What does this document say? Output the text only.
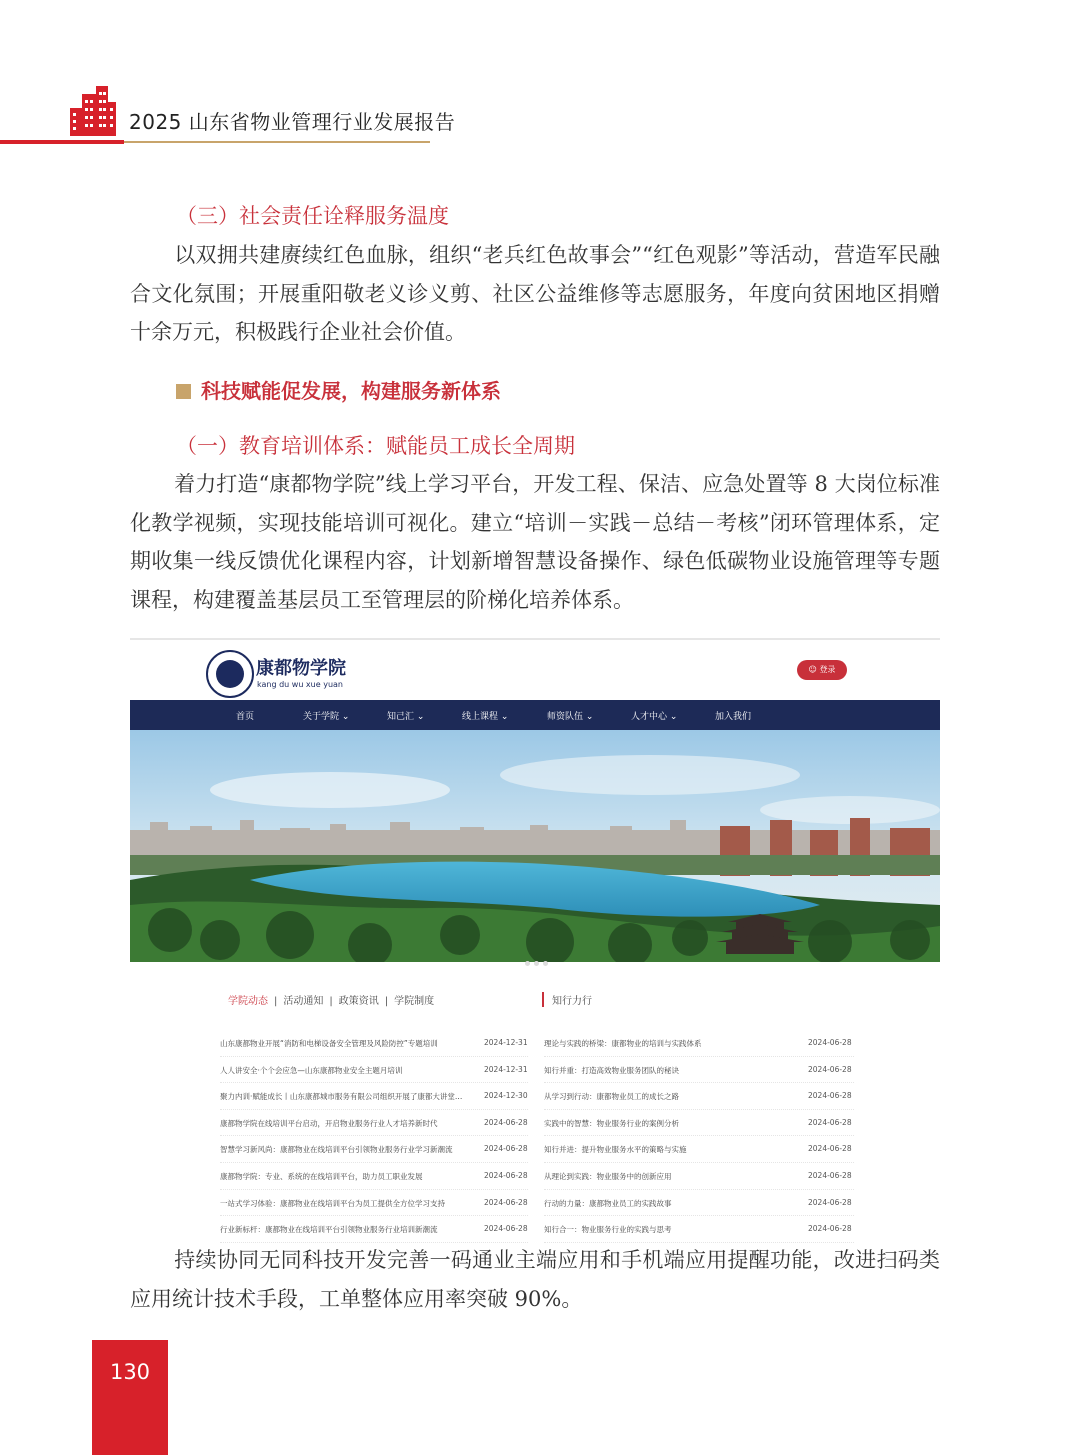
2025 山东省物业管理行业发展报告
（三）社会责任诠释服务温度
以双拥共建赓续红色血脉，组织“老兵红色故事会”“红色观影”等活动，营造军民融合文化氛围；开展重阳敬老义诊义剪、社区公益维修等志愿服务，年度向贫困地区捐赠十余万元，积极践行企业社会价值。
科技赋能促发展，构建服务新体系
（一）教育培训体系：赋能员工成长全周期
着力打造“康都物学院”线上学习平台，开发工程、保洁、应急处置等 8 大岗位标准化教学视频，实现技能培训可视化。建立“培训－实践－总结－考核”闭环管理体系，定期收集一线反馈优化课程内容，计划新增智慧设备操作、绿色低碳物业设施管理等专题课程，构建覆盖基层员工至管理层的阶梯化培养体系。
康都物学院
kang du wu xue yuan
☺ 登录
首页	关于学院 ⌄	知己汇 ⌄	线上课程 ⌄	师资队伍 ⌄	人才中心 ⌄	加入我们
学院动态 | 活动通知 | 政策资讯 | 学院制度	知行力行
山东康都物业开展“消防和电梯设备安全管理及风险防控”专题培训	2024-12-31
人人讲安全·个个会应急—山东康都物业安全主题月培训	2024-12-31
聚力内训·赋能成长丨山东康都城市服务有限公司组织开展了康都大讲堂…	2024-12-30
康都物学院在线培训平台启动，开启物业服务行业人才培养新时代	2024-06-28
智慧学习新风尚：康都物业在线培训平台引领物业服务行业学习新潮流	2024-06-28
康都物学院：专业、系统的在线培训平台，助力员工职业发展	2024-06-28
一站式学习体验：康都物业在线培训平台为员工提供全方位学习支持	2024-06-28
行业新标杆：康都物业在线培训平台引领物业服务行业培训新潮流	2024-06-28
理论与实践的桥梁：康都物业的培训与实践体系	2024-06-28
知行并重：打造高效物业服务团队的秘诀	2024-06-28
从学习到行动：康都物业员工的成长之路	2024-06-28
实践中的智慧：物业服务行业的案例分析	2024-06-28
知行并进：提升物业服务水平的策略与实施	2024-06-28
从理论到实践：物业服务中的创新应用	2024-06-28
行动的力量：康都物业员工的实践故事	2024-06-28
知行合一：物业服务行业的实践与思考	2024-06-28
持续协同无同科技开发完善一码通业主端应用和手机端应用提醒功能，改进扫码类应用统计技术手段，工单整体应用率突破 90%。
130
